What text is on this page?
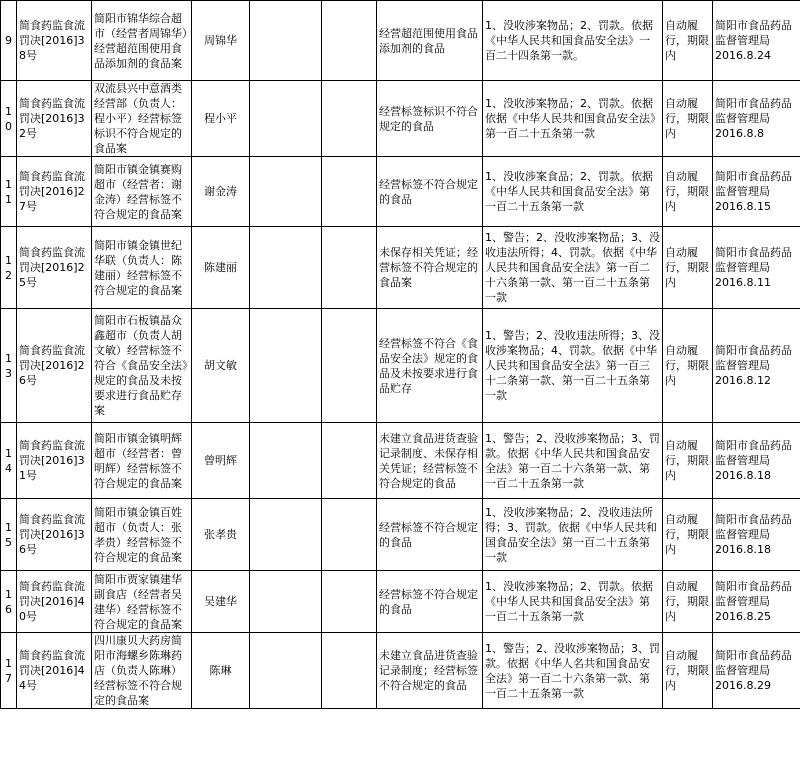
9	简食药监食流罚决[2016]38号	简阳市锦华综合超市（经营者周锦华）经营超范围使用食品添加剂的食品案	周锦华			经营超范围使用食品添加剂的食品	1、没收涉案物品；2、罚款。依据《中华人民共和国食品安全法》一百二十四条第一款。	自动履行，期限内	简阳市食品药品监督管理局
2016.8.24

10	简食药监食流罚决[2016]32号	双流县兴中意酒类经营部（负责人：程小平）经营标签标识不符合规定的食品案	程小平			经营标签标识不符合规定的食品	1、没收涉案物品；2、罚款。依据依据《中华人民共和国食品安全法》第一百二十五条第一款	自动履行，期限内	简阳市食品药品监督管理局
2016.8.8

11	简食药监食流罚决[2016]27号	简阳市镇金镇赛购超市（经营者：谢金涛）经营标签不符合规定的食品案	谢金涛			经营标签不符合规定的食品	1、没收涉案食品；2、罚款。依据《中华人民共和国食品安全法》第一百二十五条第一款	自动履行，期限内	简阳市食品药品监督管理局
2016.8.15

12	简食药监食流罚决[2016]25号	简阳市镇金镇世纪华联（负责人：陈建丽）经营标签不符合规定的食品案	陈建丽			未保存相关凭证；经营标签不符合规定的食品案	1、警告；2、没收涉案物品；3、没收违法所得；4、罚款。依据《中华人民共和国食品安全法》第一百二十六条第一款、第一百二十五条第一款	自动履行，期限内	简阳市食品药品监督管理局
2016.8.11

13	简食药监食流罚决[2016]26号	简阳市石板镇晶众鑫超市（负责人胡文敏）经营标签不符合《食品安全法》规定的食品及未按要求进行食品贮存案	胡文敏			经营标签不符合《食品安全法》规定的食品及未按要求进行食品贮存	1、警告；2、没收违法所得；3、没收涉案物品；4、罚款。依据《中华人民共和国食品安全法》第一百三十二条第一款、第一百二十五条第一款	自动履行，期限内	简阳市食品药品监督管理局
2016.8.12

14	简食药监食流罚决[2016]31号	简阳市镇金镇明辉超市（经营者：曾明辉）经营标签不符合规定的食品案	曾明辉			未建立食品进货查验记录制度、未保存相关凭证；经营标签不符合规定的食品	1、警告；2、没收涉案物品；3、罚款。依据《中华人民共和国食品安全法》第一百二十六条第一款、第一百二十五条第一款	自动履行，期限内	简阳市食品药品监督管理局
2016.8.18

15	简食药监食流罚决[2016]36号	简阳市镇金镇百姓超市（负责人：张孝贵）经营标签不符合规定的食品案	张孝贵			经营标签不符合规定的食品	1、没收涉案物品；2、没收违法所得；3、罚款。依据《中华人民共和国食品安全法》第一百二十五条第一款	自动履行，期限内	简阳市食品药品监督管理局
2016.8.18

16	简食药监食流罚决[2016]40号	简阳市贾家镇建华副食店（经营者吴建华）经营标签不符合规定的食品案	吴建华			经营标签不符合规定的食品	1、没收涉案物品；2、罚款。依据《中华人民共和国食品安全法》第一百二十五条第一款	自动履行，期限内	简阳市食品药品监督管理局
2016.8.25

17	简食药监食流罚决[2016]44号	四川康贝大药房简阳市海螺乡陈琳药店（负责人陈琳）经营标签不符合规定的食品案	陈琳			未建立食品进货查验记录制度；经营标签不符合规定的食品	1、警告；2、没收涉案物品；3、罚款。依据《中华人名共和国食品安全法》第一百二十六条第一款、第一百二十五条第一款	自动履行，期限内	简阳市食品药品监督管理局
2016.8.29
